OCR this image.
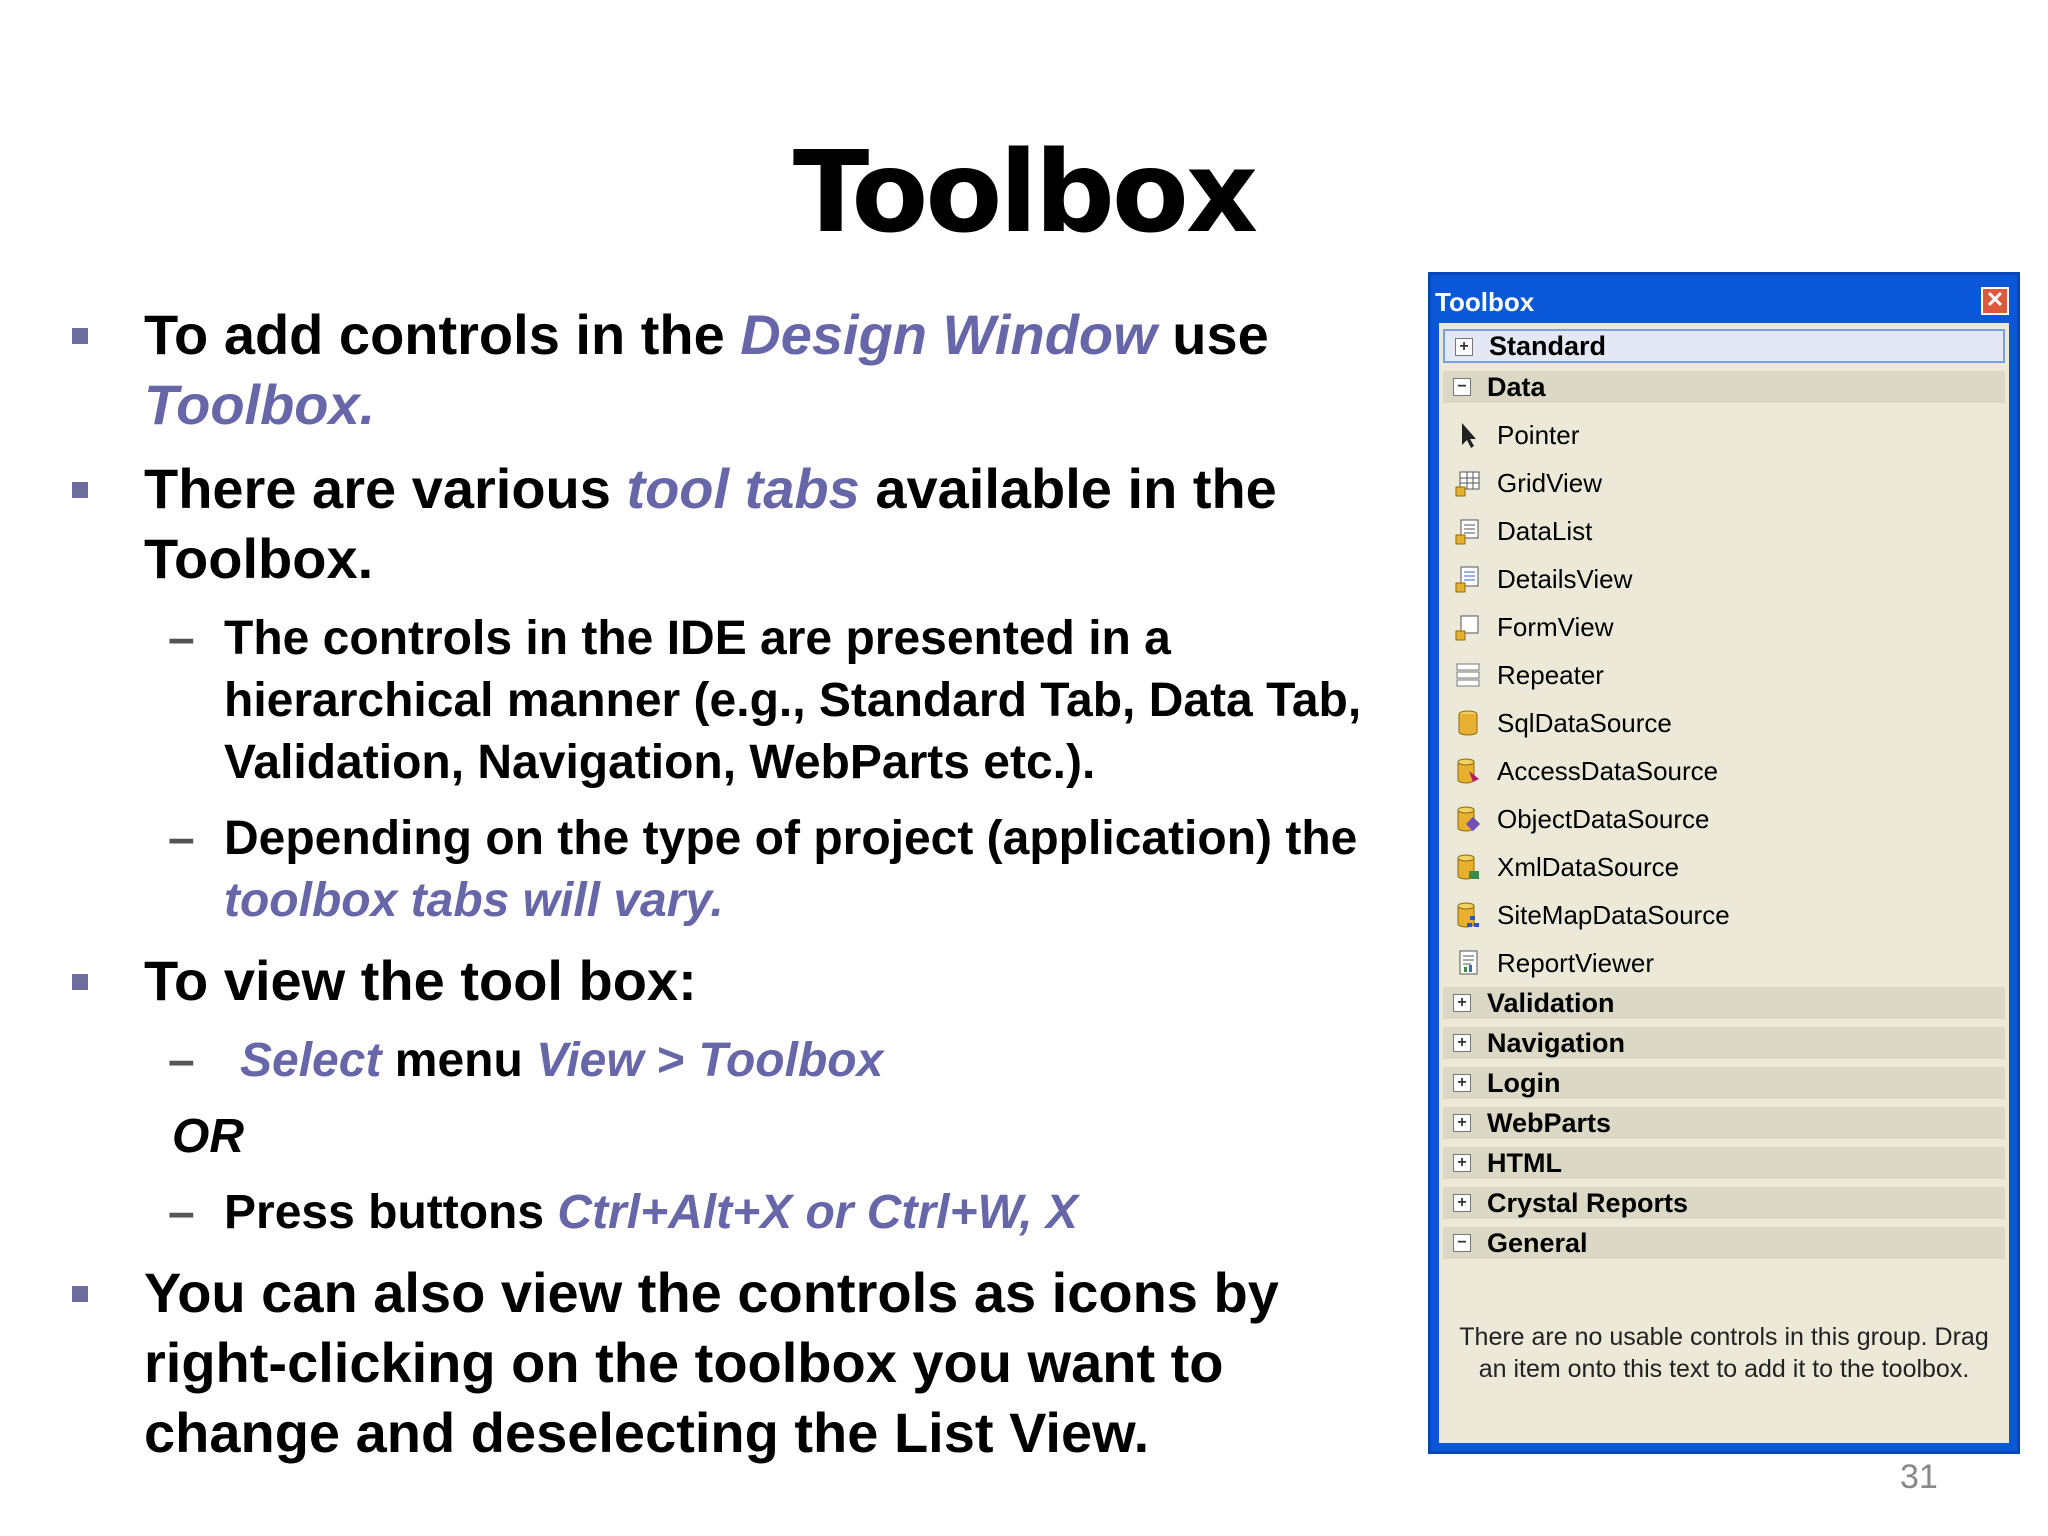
Toolbox
To add controls in the Design Window use
Toolbox.
There are various tool tabs available in the Toolbox.
– The controls in the IDE are presented in a hierarchical manner (e.g., Standard Tab, Data Tab, Validation, Navigation, WebParts etc.).
– Depending on the type of project (application) the toolbox tabs will vary.
To view the tool box:
– Select menu View > Toolbox
OR
– Press buttons Ctrl+Alt+X or Ctrl+W, X
You can also view the controls as icons by right-clicking on the toolbox you want to change and deselecting the List View.
Toolbox	✕
+ Standard
− Data
Pointer
GridView
DataList
DetailsView
FormView
Repeater
SqlDataSource
AccessDataSource
ObjectDataSource
XmlDataSource
SiteMapDataSource
ReportViewer
+ Validation
+ Navigation
+ Login
+ WebParts
+ HTML
+ Crystal Reports
− General
There are no usable controls in this group. Drag an item onto this text to add it to the toolbox.
31
